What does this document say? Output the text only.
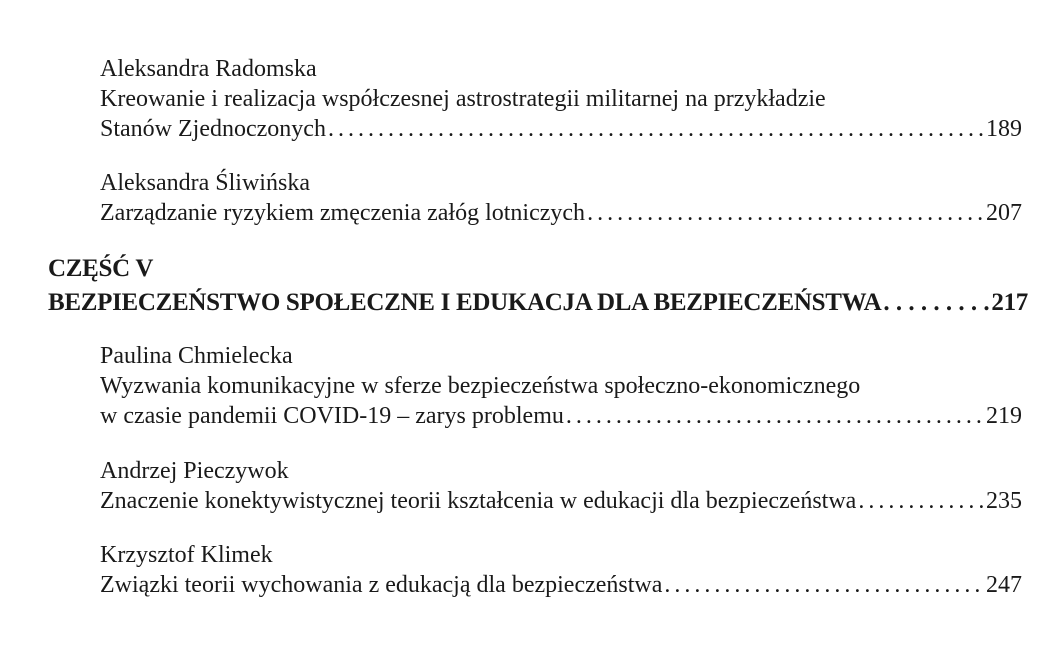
Aleksandra Radomska
Kreowanie i realizacja współczesnej astrostrategii militarnej na przykładzie
Stanów Zjednoczonych . . .	189
Aleksandra Śliwińska
Zarządzanie ryzykiem zmęczenia załóg lotniczych . . .	207
CZĘŚĆ V
BEZPIECZEŃSTWO SPOŁECZNE I EDUKACJA DLA BEZPIECZEŃSTWA . . .	217
Paulina Chmielecka
Wyzwania komunikacyjne w sferze bezpieczeństwa społeczno-ekonomicznego
w czasie pandemii COVID-19 – zarys problemu . . .	219
Andrzej Pieczywok
Znaczenie konektywistycznej teorii kształcenia w edukacji dla bezpieczeństwa . . .	235
Krzysztof Klimek
Związki teorii wychowania z edukacją dla bezpieczeństwa . . .	247
